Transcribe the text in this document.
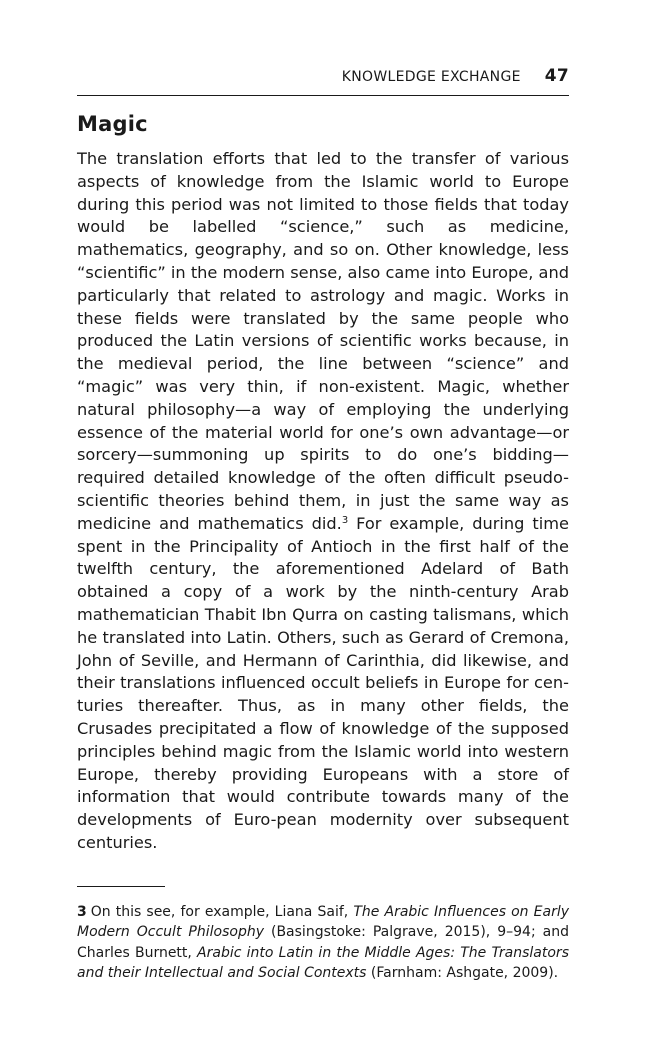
KNOWLEDGE EXCHANGE 47
Magic

The translation efforts that led to the transfer of various aspects of knowledge from the Islamic world to Europe during this period was not limited to those fields that today would be labelled “science,” such as medicine, mathematics, geography, and so on. Other knowledge, less “scientific” in the modern sense, also came into Europe, and particularly that related to astrology and magic. Works in these fields were translated by the same people who produced the Latin versions of scientific works because, in the medieval period, the line between “science” and “magic” was very thin, if non-existent. Magic, whether natural philosophy—a way of employing the underlying essence of the material world for one’s own advantage—or sorcery—summoning up spirits to do one’s bidding—required detailed knowledge of the often difficult pseudo-scientific theories behind them, in just the same way as medicine and mathematics did.$^3$ For example, during time spent in the Principality of Antioch in the first half of the twelfth century, the aforementioned Adelard of Bath obtained a copy of a work by the ninth-century Arab mathematician Thabit Ibn Qurra on casting talismans, which he translated into Latin. Others, such as Gerard of Cremona, John of Seville, and Hermann of Carinthia, did likewise, and their translations influenced occult beliefs in Europe for cen-turies thereafter. Thus, as in many other fields, the Crusades precipitated a flow of knowledge of the supposed principles behind magic from the Islamic world into western Europe, thereby providing Europeans with a store of information that would contribute towards many of the developments of Euro-pean modernity over subsequent centuries.

3 On this see, for example, Liana Saif, The Arabic Influences on Early Modern Occult Philosophy (Basingstoke: Palgrave, 2015), 9–94; and Charles Burnett, Arabic into Latin in the Middle Ages: The Translators and their Intellectual and Social Contexts (Farnham: Ashgate, 2009).
